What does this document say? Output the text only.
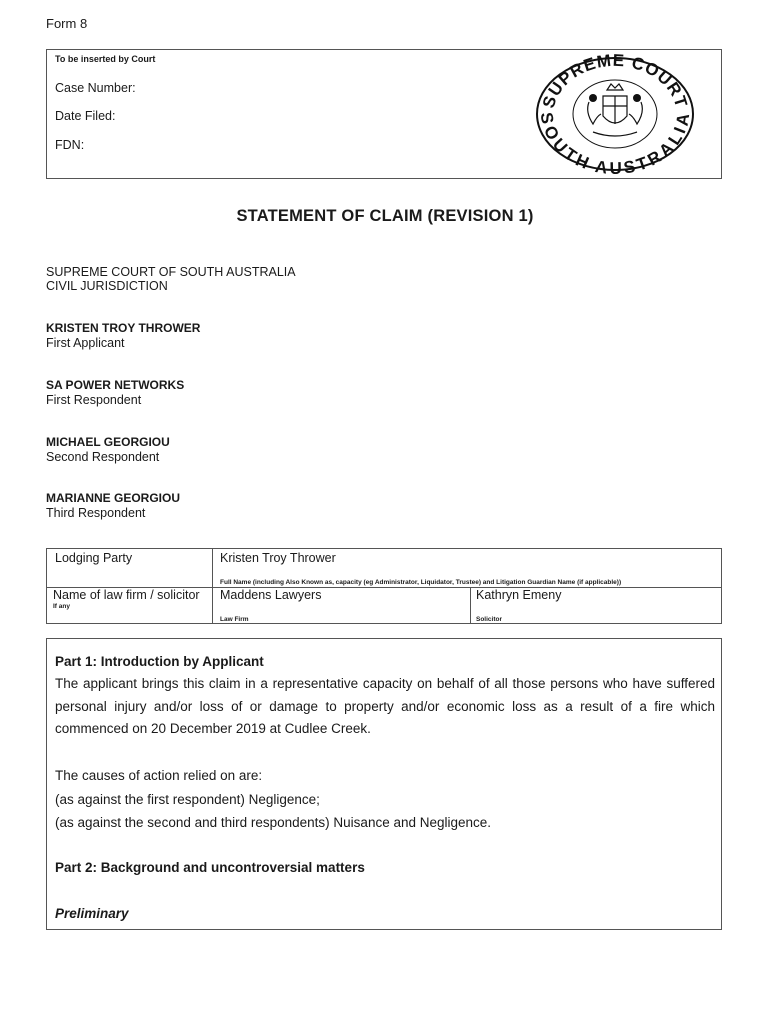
Form 8
To be inserted by Court
Case Number:
Date Filed:
FDN:
SUPREME COURT
SOUTH AUSTRALIA
STATEMENT OF CLAIM (REVISION 1)
SUPREME COURT OF SOUTH AUSTRALIA
CIVIL JURISDICTION
KRISTEN TROY THROWER
First Applicant
SA POWER NETWORKS
First Respondent
MICHAEL GEORGIOU
Second Respondent
MARIANNE GEORGIOU
Third Respondent
Lodging Party	Kristen Troy Thrower
Full Name (including Also Known as, capacity (eg Administrator, Liquidator, Trustee) and Litigation Guardian Name (if applicable))
Name of law firm / solicitor
If any
Maddens Lawyers
Law Firm
Kathryn Emeny
Solicitor
Part 1: Introduction by Applicant
The applicant brings this claim in a representative capacity on behalf of all those persons who have suffered personal injury and/or loss of or damage to property and/or economic loss as a result of a fire which commenced on 20 December 2019 at Cudlee Creek.
The causes of action relied on are:
(as against the first respondent) Negligence;
(as against the second and third respondents) Nuisance and Negligence.
Part 2: Background and uncontroversial matters
Preliminary
